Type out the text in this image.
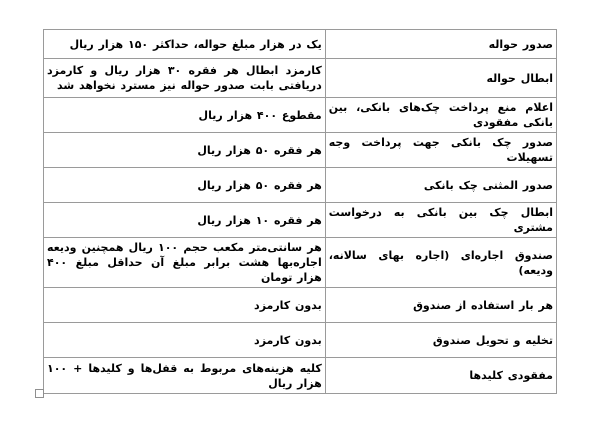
صدور حواله	یک در هزار مبلغ حواله، حداکثر ۱۵۰ هزار ریال
ابطال حواله	کارمزد ابطال هر فقره ۳۰ هزار ریال و کارمزد دریافتی بابت صدور حواله نیز مسترد نخواهد شد
اعلام منع پرداخت چک‌های بانکی، بین بانکی مفقودی	مقطوع ۴۰۰ هزار ریال
صدور چک بانکی جهت پرداخت وجه تسهیلات	هر فقره ۵۰ هزار ریال
صدور المثنی چک بانکی	هر فقره ۵۰ هزار ریال
ابطال چک بین بانکی به درخواست مشتری	هر فقره ۱۰ هزار ریال
صندوق اجاره‌ای (اجاره بهای سالانه، ودیعه)	هر سانتی‌متر مکعب حجم ۱۰۰ ریال همچنین ودیعه اجاره‌بها هشت برابر مبلغ آن حداقل مبلغ ۴۰۰ هزار تومان
هر بار استفاده از صندوق	بدون کارمزد
تخلیه و تحویل صندوق	بدون کارمزد
مفقودی کلیدها	کلیه هزینه‌های مربوط به قفل‌ها و کلیدها + ۱۰۰ هزار ریال
